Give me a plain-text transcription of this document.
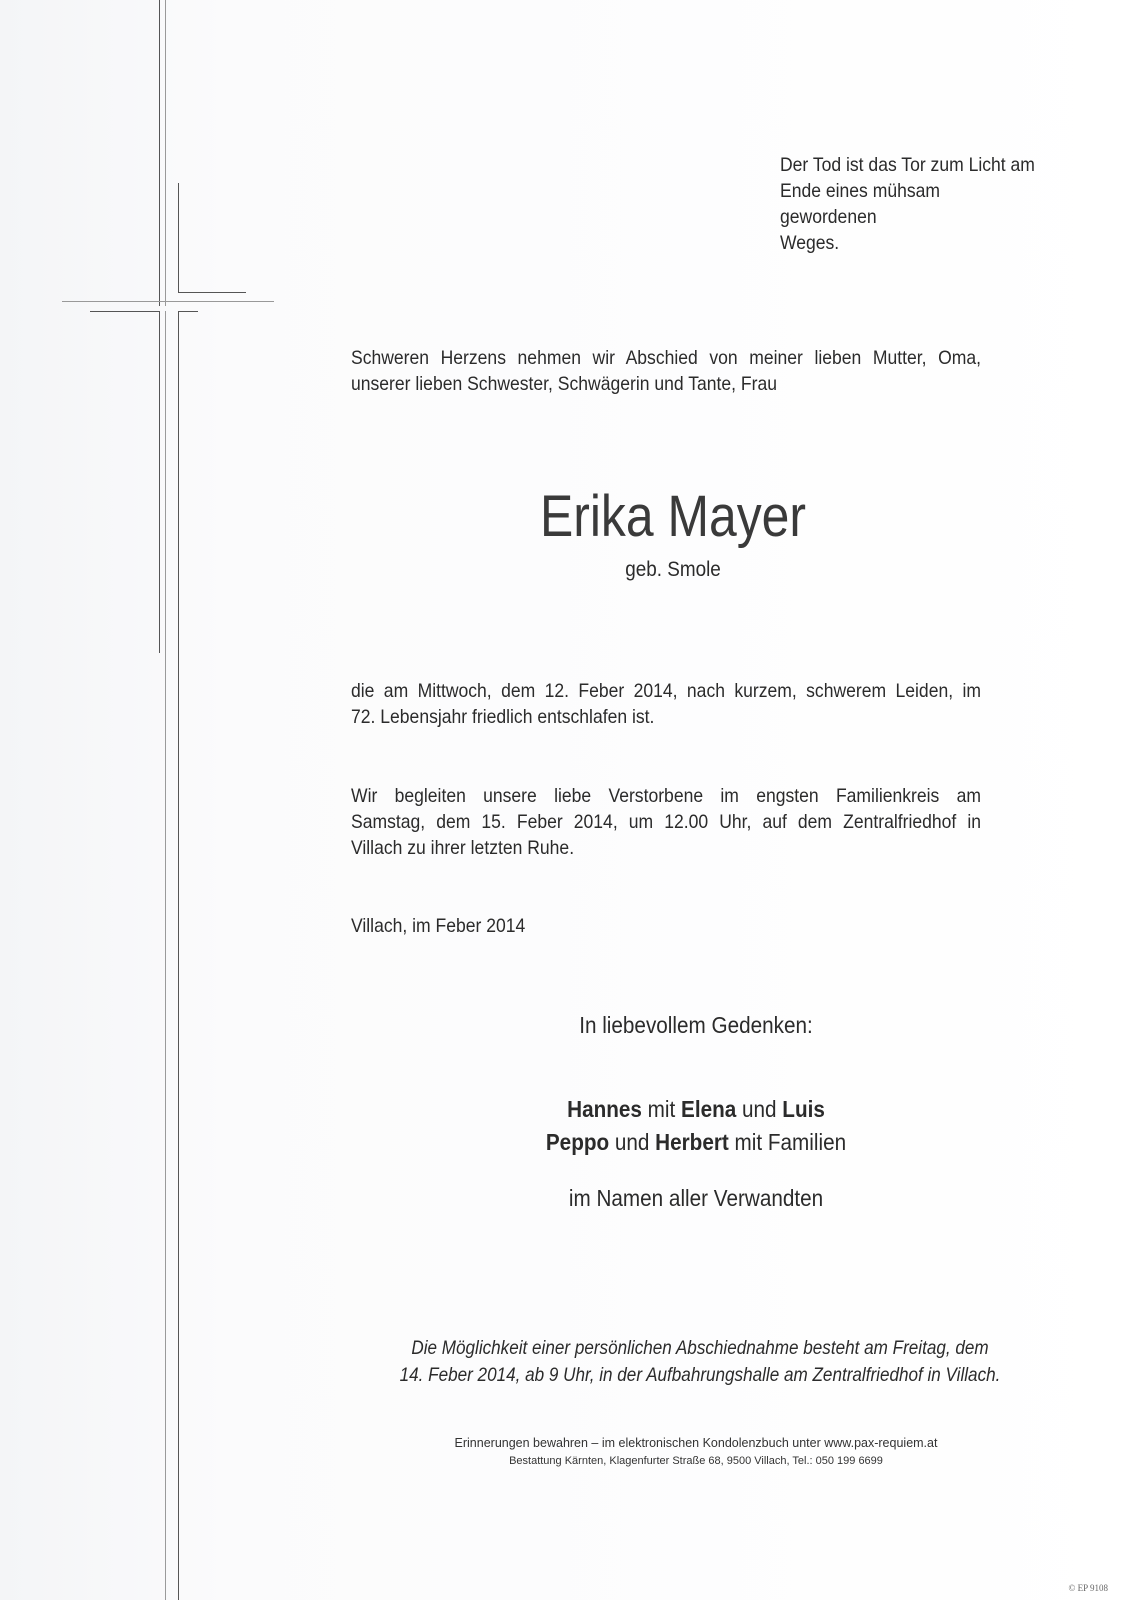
Der Tod ist das Tor zum Licht am
Ende eines mühsam gewordenen
Weges.
Schweren Herzens nehmen wir Abschied von meiner lieben Mutter, Oma,
unserer lieben Schwester, Schwägerin und Tante, Frau
Erika Mayer
geb. Smole
die am Mittwoch, dem 12. Feber 2014, nach kurzem, schwerem Leiden, im
72. Lebensjahr friedlich entschlafen ist.
Wir begleiten unsere liebe Verstorbene im engsten Familienkreis am
Samstag, dem 15. Feber 2014, um 12.00 Uhr, auf dem Zentralfriedhof in
Villach zu ihrer letzten Ruhe.
Villach, im Feber 2014
In liebevollem Gedenken:
Hannes mit Elena und Luis
Peppo und Herbert mit Familien
im Namen aller Verwandten
Die Möglichkeit einer persönlichen Abschiednahme besteht am Freitag, dem
14. Feber 2014, ab 9 Uhr, in der Aufbahrungshalle am Zentralfriedhof in Villach.
Erinnerungen bewahren – im elektronischen Kondolenzbuch unter www.pax-requiem.at
Bestattung Kärnten, Klagenfurter Straße 68, 9500 Villach, Tel.: 050 199 6699
© EP 9108
